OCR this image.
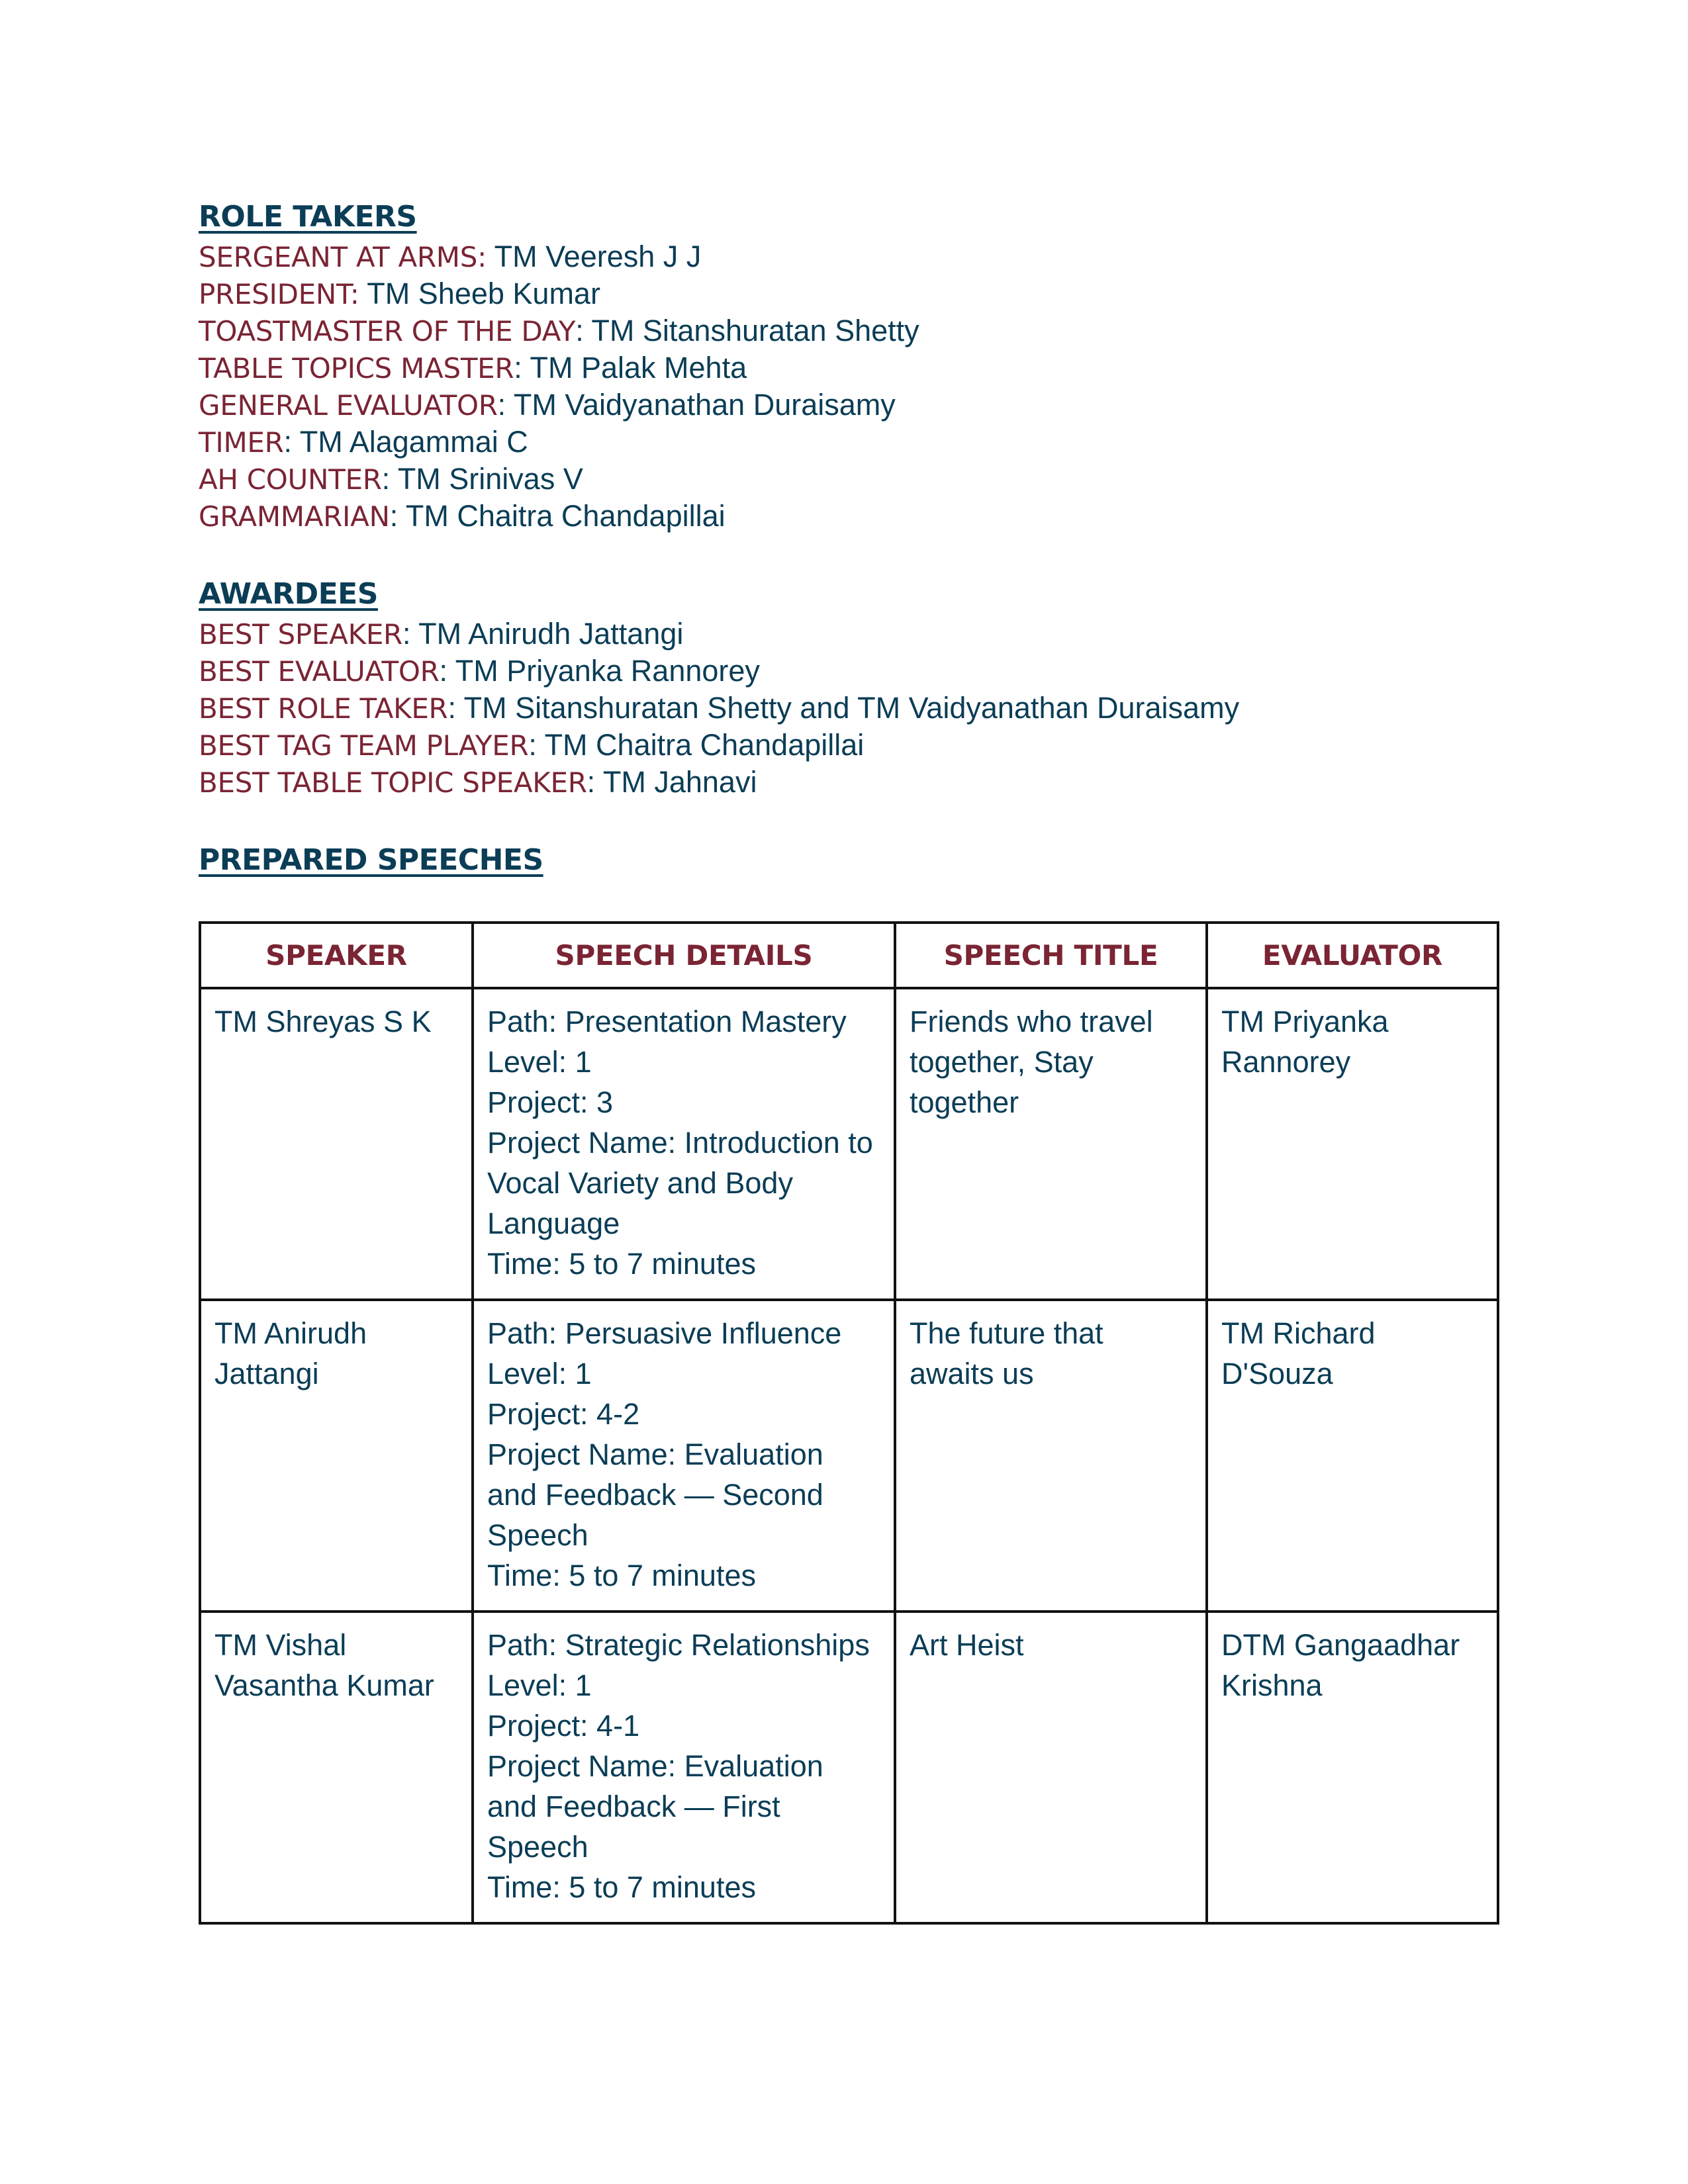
ROLE TAKERS
SERGEANT AT ARMS: TM Veeresh J J
PRESIDENT: TM Sheeb Kumar
TOASTMASTER OF THE DAY: TM Sitanshuratan Shetty
TABLE TOPICS MASTER: TM Palak Mehta
GENERAL EVALUATOR: TM Vaidyanathan Duraisamy
TIMER: TM Alagammai C
AH COUNTER: TM Srinivas V
GRAMMARIAN: TM Chaitra Chandapillai
AWARDEES
BEST SPEAKER: TM Anirudh Jattangi
BEST EVALUATOR: TM Priyanka Rannorey
BEST ROLE TAKER: TM Sitanshuratan Shetty and TM Vaidyanathan Duraisamy
BEST TAG TEAM PLAYER: TM Chaitra Chandapillai
BEST TABLE TOPIC SPEAKER: TM Jahnavi
PREPARED SPEECHES
SPEAKER	SPEECH DETAILS	SPEECH TITLE	EVALUATOR
TM Shreyas S K	Path: Presentation Mastery
Level: 1
Project: 3
Project Name: Introduction to Vocal Variety and Body Language
Time: 5 to 7 minutes	Friends who travel together, Stay together	TM Priyanka Rannorey
TM Anirudh Jattangi	Path: Persuasive Influence
Level: 1
Project: 4-2
Project Name: Evaluation and Feedback — Second Speech
Time: 5 to 7 minutes	The future that awaits us	TM Richard D'Souza
TM Vishal Vasantha Kumar	Path: Strategic Relationships
Level: 1
Project: 4-1
Project Name: Evaluation and Feedback — First Speech
Time: 5 to 7 minutes	Art Heist	DTM Gangaadhar Krishna
